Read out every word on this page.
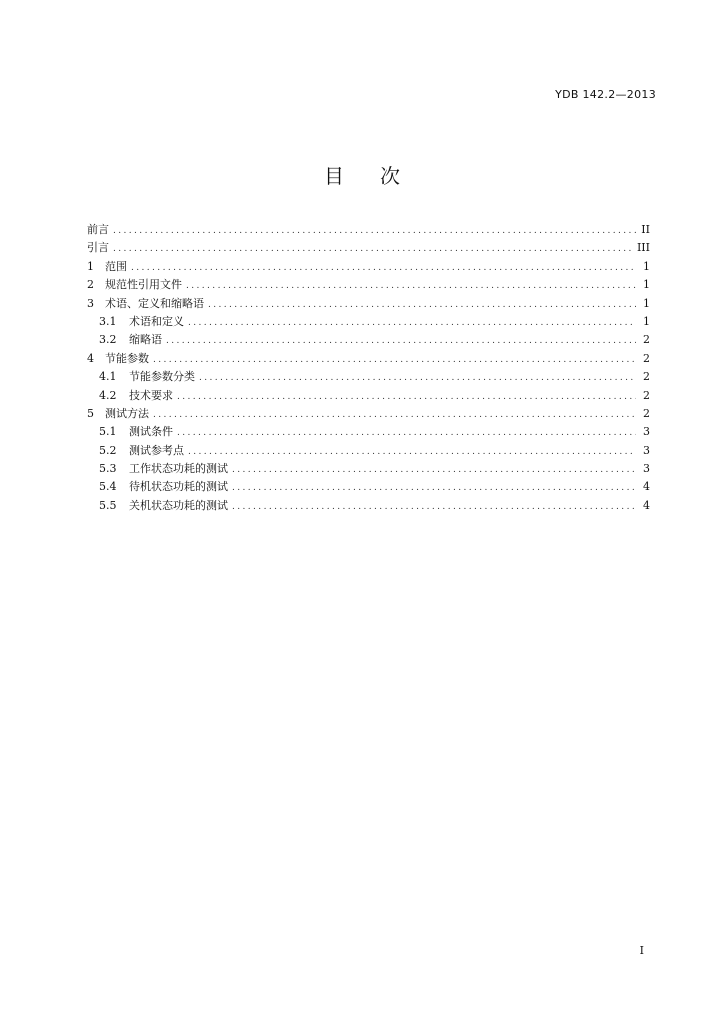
YDB 142.2—2013
目 次
前言 .....	II
引言 .....	III
1	范围 .....	1
2	规范性引用文件 .....	1
3	术语、定义和缩略语 .....	1
3.1	术语和定义 .....	1
3.2	缩略语 .....	2
4	节能参数 .....	2
4.1	节能参数分类 .....	2
4.2	技术要求 .....	2
5	测试方法 .....	2
5.1	测试条件 .....	3
5.2	测试参考点 .....	3
5.3	工作状态功耗的测试 .....	3
5.4	待机状态功耗的测试 .....	4
5.5	关机状态功耗的测试 .....	4
I
